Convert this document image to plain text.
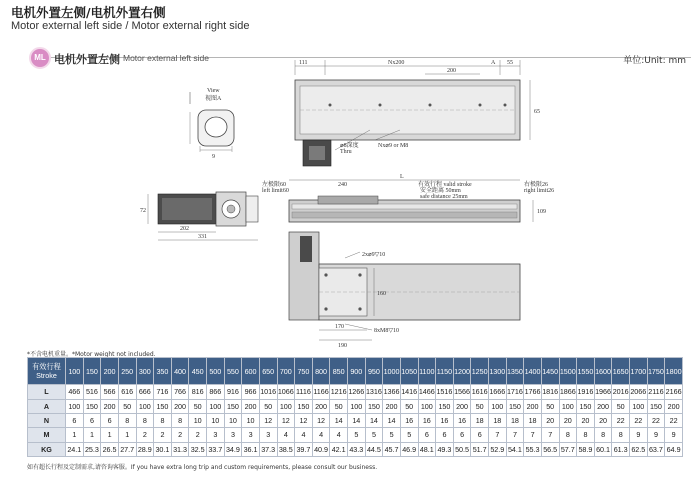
电机外置左侧/电机外置右侧
Motor external left side / Motor external right side
ML 电机外置左侧 Motor external left side	单位:Unit: mm
View
视图A
9
111	Nx200	A 55
200
65
⌀8深度
Thru
Nx⌀9 or M8
72
202
331
L
左极限60
left limit60
240	有效行程 valid stroke
安全距离 50mm
safe distance 25mm
右极限26
right limit26
109
2x⌀9▽10
8xM8▽10
160
170
190
*不含电机重量。*Motor weight not included.
有效行程
Stroke	100	150	200	250	300	350	400	450	500	550	600	650	700	750	800	850	900	950	1000	1050	1100	1150	1200	1250	1300	1350	1400	1450	1500	1550	1600	1650	1700	1750	1800
L	466	516	566	616	666	716	766	816	866	916	966	1016	1066	1116	1166	1216	1266	1316	1366	1416	1466	1516	1566	1616	1666	1716	1766	1816	1866	1916	1966	2016	2066	2116	2166
A	100	150	200	50	100	150	200	50	100	150	200	50	100	150	200	50	100	150	200	50	100	150	200	50	100	150	200	50	100	150	200	50	100	150	200
N	6	6	6	8	8	8	8	10	10	10	10	12	12	12	12	14	14	14	14	16	16	16	16	18	18	18	18	20	20	20	20	22	22	22	22
M	1	1	1	1	2	2	2	2	3	3	3	3	4	4	4	4	5	5	5	5	6	6	6	6	7	7	7	7	8	8	8	8	9	9	9
KG	24.1	25.3	26.5	27.7	28.9	30.1	31.3	32.5	33.7	34.9	36.1	37.3	38.5	39.7	40.9	42.1	43.3	44.5	45.7	46.9	48.1	49.3	50.5	51.7	52.9	54.1	55.3	56.5	57.7	58.9	60.1	61.3	62.5	63.7	64.9
如有超长行程及定制需求,请咨询客服。If you have extra long trip and custom requirements, please consult our business.
